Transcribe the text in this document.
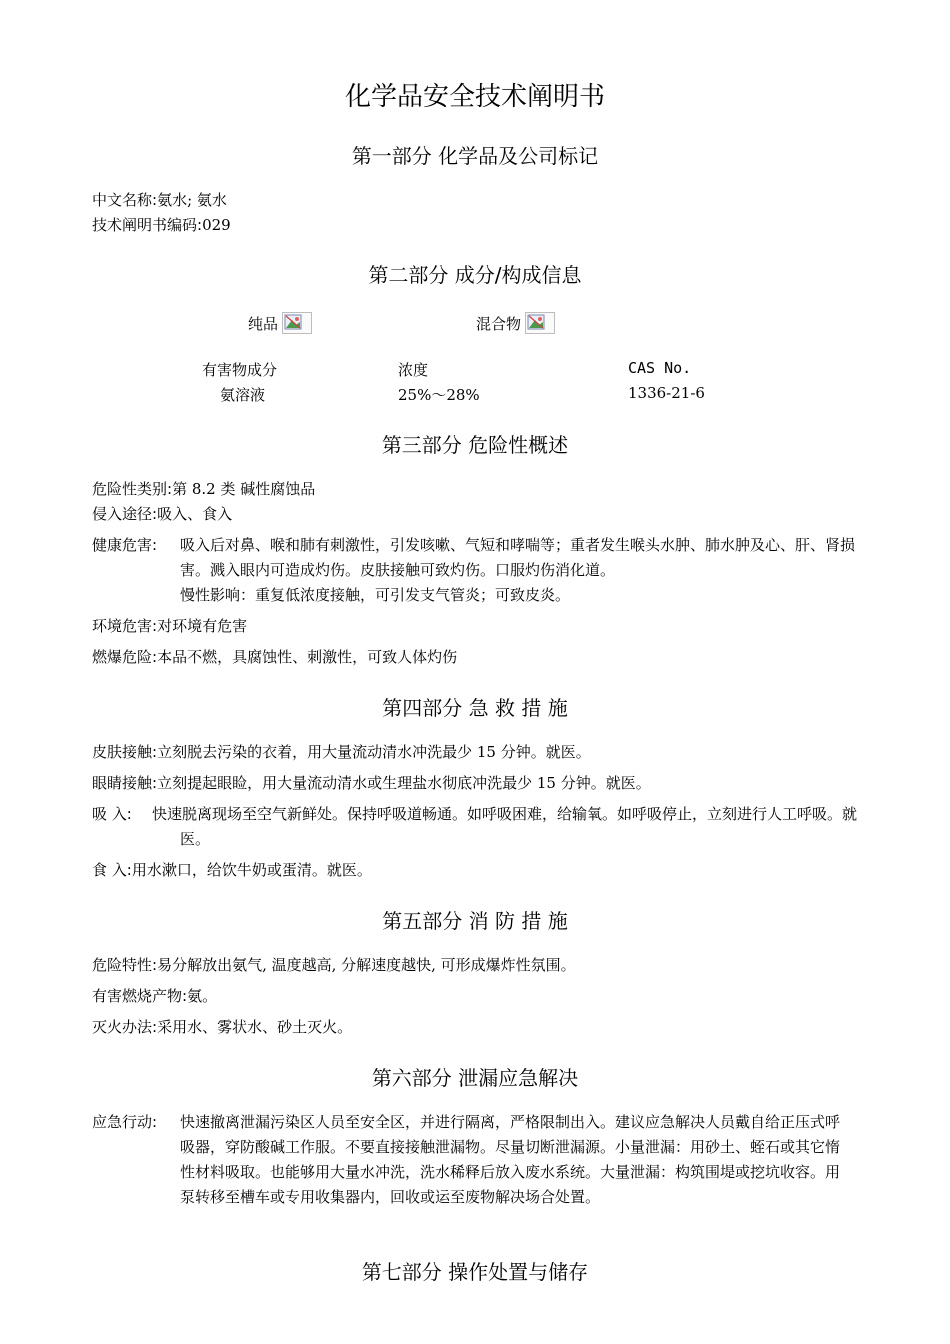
化学品安全技术阐明书
第一部分 化学品及公司标记
中文名称:氨水; 氨水
技术阐明书编码:029
第二部分 成分/构成信息
纯品	混合物
有害物成分	浓度	CAS No.
氨溶液	25%～28%	1336-21-6
第三部分 危险性概述
危险性类别:第 8.2 类 碱性腐蚀品
侵入途径:吸入、食入
健康危害: 吸入后对鼻、喉和肺有刺激性，引发咳嗽、气短和哮喘等；重者发生喉头水肿、肺水肿及心、肝、肾损害。溅入眼内可造成灼伤。皮肤接触可致灼伤。口服灼伤消化道。
慢性影响：重复低浓度接触，可引发支气管炎；可致皮炎。
环境危害:对环境有危害
燃爆危险:本品不燃，具腐蚀性、刺激性，可致人体灼伤
第四部分 急 救 措 施
皮肤接触:立刻脱去污染的衣着，用大量流动清水冲洗最少 15 分钟。就医。
眼睛接触:立刻提起眼睑，用大量流动清水或生理盐水彻底冲洗最少 15 分钟。就医。
吸 入: 快速脱离现场至空气新鲜处。保持呼吸道畅通。如呼吸困难，给输氧。如呼吸停止，立刻进行人工呼吸。就医。
食 入:用水漱口，给饮牛奶或蛋清。就医。
第五部分 消 防 措 施
危险特性:易分解放出氨气, 温度越高, 分解速度越快, 可形成爆炸性氛围。
有害燃烧产物:氨。
灭火办法:采用水、雾状水、砂土灭火。
第六部分 泄漏应急解决
应急行动: 快速撤离泄漏污染区人员至安全区，并进行隔离，严格限制出入。建议应急解决人员戴自给正压式呼吸器，穿防酸碱工作服。不要直接接触泄漏物。尽量切断泄漏源。小量泄漏：用砂土、蛭石或其它惰性材料吸取。也能够用大量水冲洗，洗水稀释后放入废水系统。大量泄漏：构筑围堤或挖坑收容。用泵转移至槽车或专用收集器内，回收或运至废物解决场合处置。
第七部分 操作处置与储存
